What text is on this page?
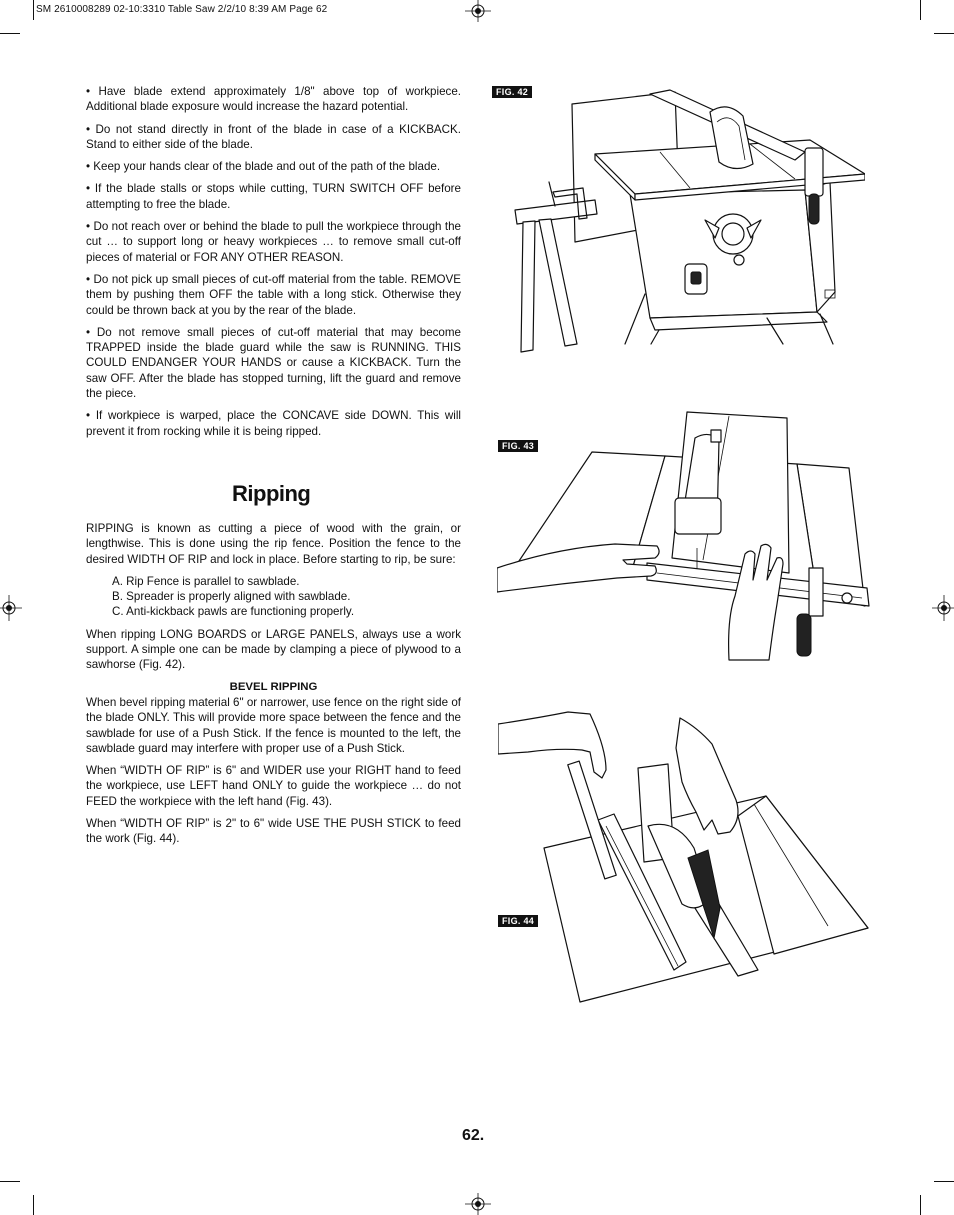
SM 2610008289 02-10:3310 Table Saw 2/2/10 8:39 AM Page 62

• Have blade extend approximately 1/8" above top of workpiece. Additional blade exposure would increase the hazard potential.

• Do not stand directly in front of the blade in case of a KICKBACK. Stand to either side of the blade.

• Keep your hands clear of the blade and out of the path of the blade.

• If the blade stalls or stops while cutting, TURN SWITCH OFF before attempting to free the blade.

• Do not reach over or behind the blade to pull the workpiece through the cut … to support long or heavy workpieces … to remove small cut-off pieces of material or FOR ANY OTHER REASON.

• Do not pick up small pieces of cut-off material from the table. REMOVE them by pushing them OFF the table with a long stick. Otherwise they could be thrown back at you by the rear of the blade.

• Do not remove small pieces of cut-off material that may become TRAPPED inside the blade guard while the saw is RUNNING. THIS COULD ENDANGER YOUR HANDS or cause a KICKBACK. Turn the saw OFF. After the blade has stopped turning, lift the guard and remove the piece.

• If workpiece is warped, place the CONCAVE side DOWN. This will prevent it from rocking while it is being ripped.

Ripping

RIPPING is known as cutting a piece of wood with the grain, or lengthwise. This is done using the rip fence. Position the fence to the desired WIDTH OF RIP and lock in place. Before starting to rip, be sure:

A. Rip Fence is parallel to sawblade.
B. Spreader is properly aligned with sawblade.
C. Anti-kickback pawls are functioning properly.

When ripping LONG BOARDS or LARGE PANELS, always use a work support. A simple one can be made by clamping a piece of plywood to a sawhorse (Fig. 42).

BEVEL RIPPING

When bevel ripping material 6" or narrower, use fence on the right side of the blade ONLY. This will provide more space between the fence and the sawblade for use of a Push Stick. If the fence is mounted to the left, the sawblade guard may interfere with proper use of a Push Stick.

When “WIDTH OF RIP” is 6" and WIDER use your RIGHT hand to feed the workpiece, use LEFT hand ONLY to guide the workpiece … do not FEED the workpiece with the left hand (Fig. 43).

When “WIDTH OF RIP” is 2" to 6" wide USE THE PUSH STICK to feed the work (Fig. 44).

FIG. 42
FIG. 43
FIG. 44
62.
